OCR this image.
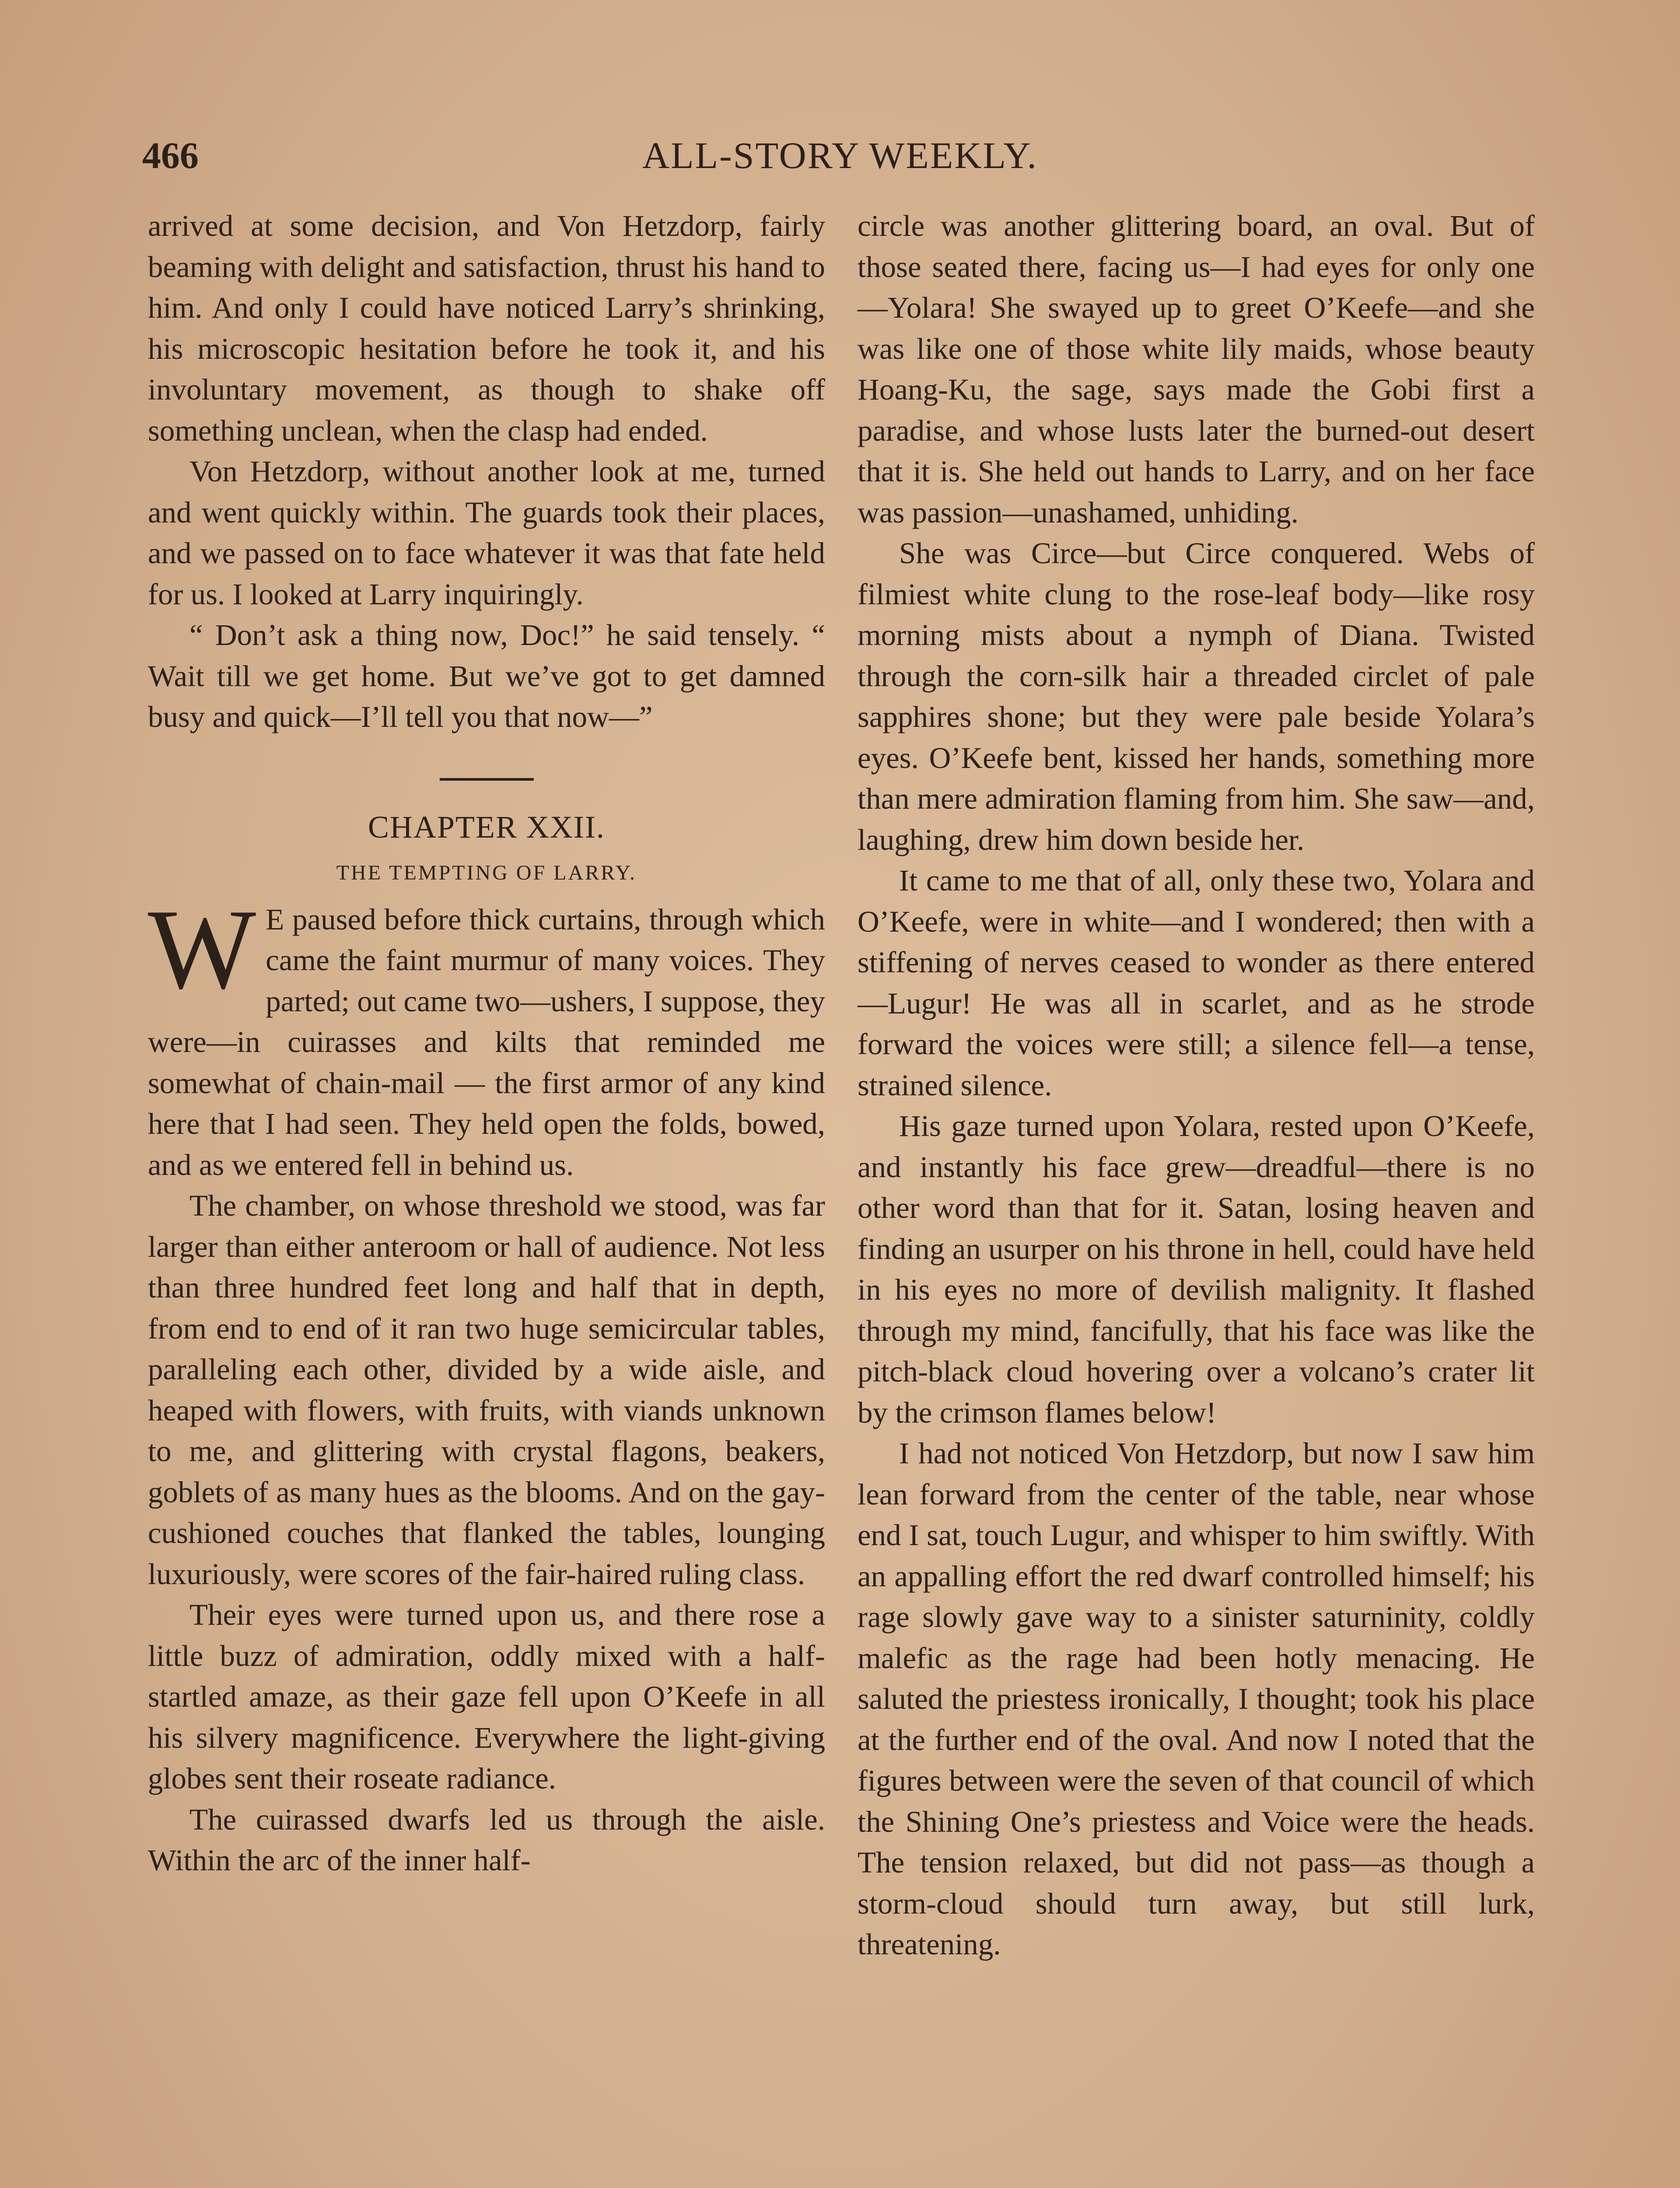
466	ALL-STORY WEEKLY.

arrived at some decision, and Von Hetzdorp, fairly beaming with delight and satisfaction, thrust his hand to him. And only I could have noticed Larry’s shrinking, his microscopic hesitation before he took it, and his involuntary movement, as though to shake off something unclean, when the clasp had ended.

Von Hetzdorp, without another look at me, turned and went quickly within. The guards took their places, and we passed on to face whatever it was that fate held for us. I looked at Larry inquiringly.

“ Don’t ask a thing now, Doc!” he said tensely. “ Wait till we get home. But we’ve got to get damned busy and quick—I’ll tell you that now—”

CHAPTER XXII.
THE TEMPTING OF LARRY.

W E paused before thick curtains, through which came the faint murmur of many voices. They parted; out came two—ushers, I suppose, they were—in cuirasses and kilts that reminded me somewhat of chain-mail — the first armor of any kind here that I had seen. They held open the folds, bowed, and as we entered fell in behind us.

The chamber, on whose threshold we stood, was far larger than either anteroom or hall of audience. Not less than three hundred feet long and half that in depth, from end to end of it ran two huge semicircular tables, paralleling each other, divided by a wide aisle, and heaped with flowers, with fruits, with viands unknown to me, and glittering with crystal flagons, beakers, goblets of as many hues as the blooms. And on the gay-cushioned couches that flanked the tables, lounging luxuriously, were scores of the fair-haired ruling class.

Their eyes were turned upon us, and there rose a little buzz of admiration, oddly mixed with a half-startled amaze, as their gaze fell upon O’Keefe in all his silvery magnificence. Everywhere the light-giving globes sent their roseate radiance.

The cuirassed dwarfs led us through the aisle. Within the arc of the inner half-

circle was another glittering board, an oval. But of those seated there, facing us—I had eyes for only one—Yolara! She swayed up to greet O’Keefe—and she was like one of those white lily maids, whose beauty Hoang-Ku, the sage, says made the Gobi first a paradise, and whose lusts later the burned-out desert that it is. She held out hands to Larry, and on her face was passion—unashamed, unhiding.

She was Circe—but Circe conquered. Webs of filmiest white clung to the rose-leaf body—like rosy morning mists about a nymph of Diana. Twisted through the corn-silk hair a threaded circlet of pale sapphires shone; but they were pale beside Yolara’s eyes. O’Keefe bent, kissed her hands, something more than mere admiration flaming from him. She saw—and, laughing, drew him down beside her.

It came to me that of all, only these two, Yolara and O’Keefe, were in white—and I wondered; then with a stiffening of nerves ceased to wonder as there entered—Lugur! He was all in scarlet, and as he strode forward the voices were still; a silence fell—a tense, strained silence.

His gaze turned upon Yolara, rested upon O’Keefe, and instantly his face grew—dreadful—there is no other word than that for it. Satan, losing heaven and finding an usurper on his throne in hell, could have held in his eyes no more of devilish malignity. It flashed through my mind, fancifully, that his face was like the pitch-black cloud hovering over a volcano’s crater lit by the crimson flames below!

I had not noticed Von Hetzdorp, but now I saw him lean forward from the center of the table, near whose end I sat, touch Lugur, and whisper to him swiftly. With an appalling effort the red dwarf controlled himself; his rage slowly gave way to a sinister saturninity, coldly malefic as the rage had been hotly menacing. He saluted the priestess ironically, I thought; took his place at the further end of the oval. And now I noted that the figures between were the seven of that council of which the Shining One’s priestess and Voice were the heads. The tension relaxed, but did not pass—as though a storm-cloud should turn away, but still lurk, threatening.
